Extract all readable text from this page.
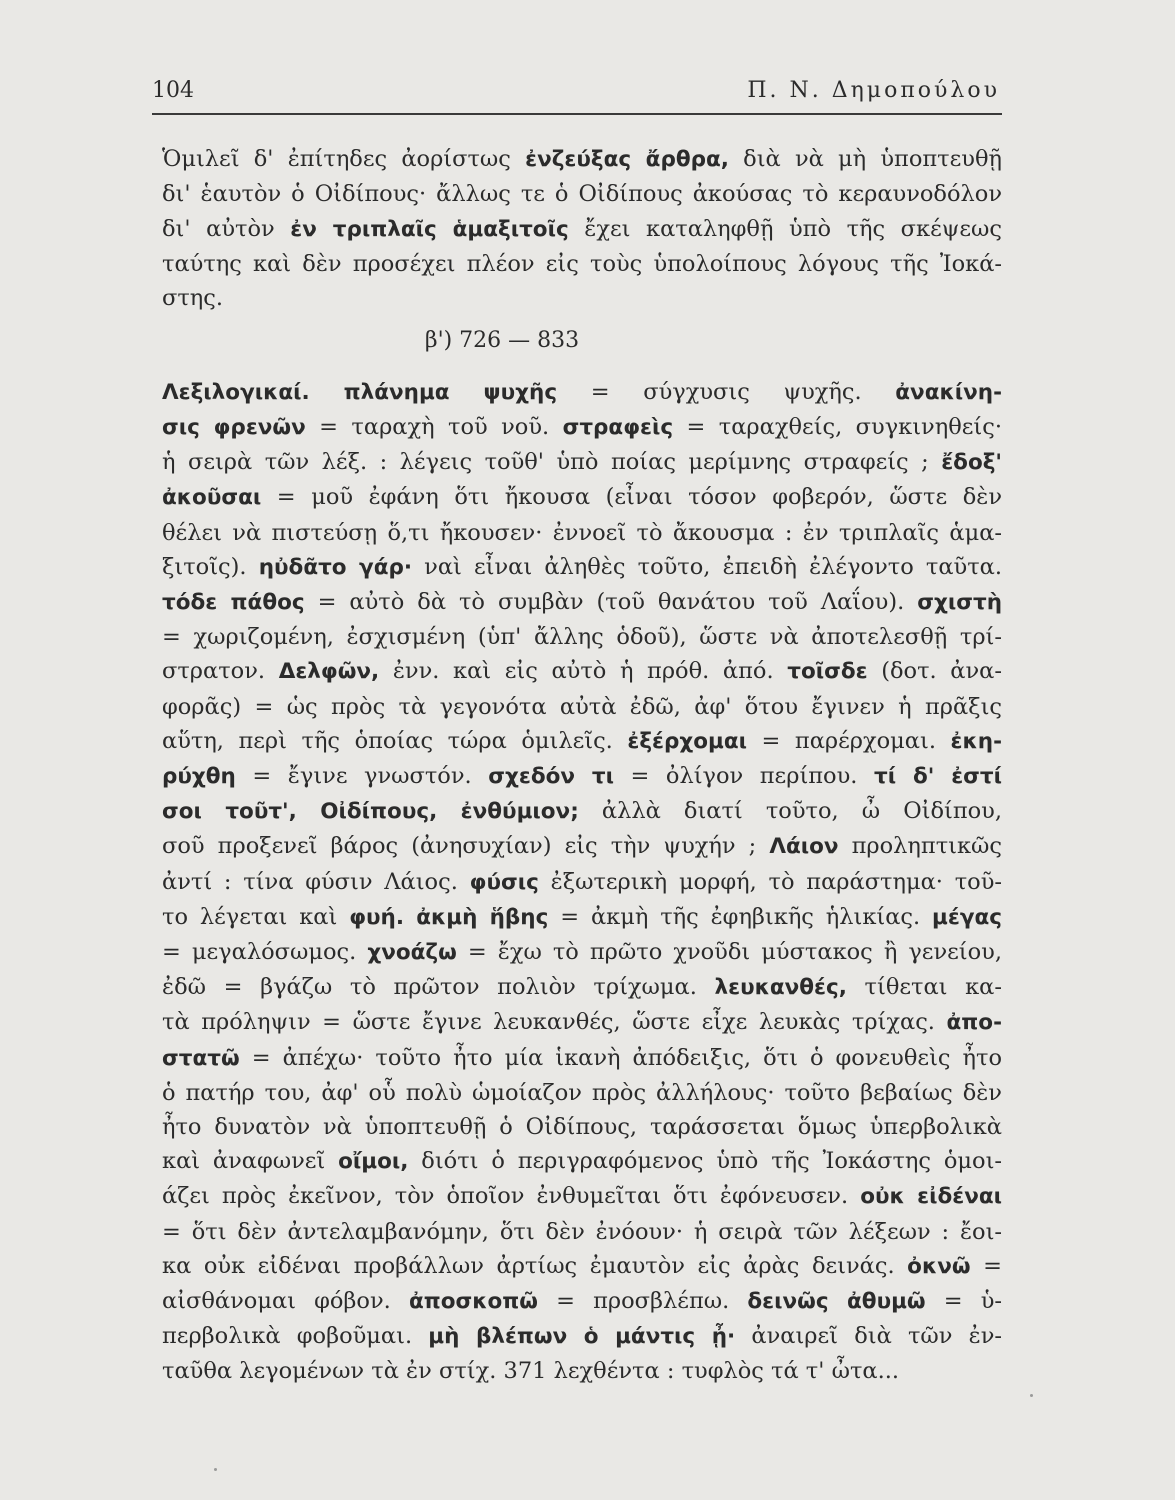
104	Π. Ν. Δημοπούλου

Ὁμιλεῖ δ' ἐπίτηδες ἀορίστως ἐνζεύξας ἄρθρα, διὰ νὰ μὴ ὑποπτευθῇ
δι' ἑαυτὸν ὁ Οἰδίπους· ἄλλως τε ὁ Οἰδίπους ἀκούσας τὸ κεραυνοδόλον
δι' αὐτὸν ἐν τριπλαῖς ἁμαξιτοῖς ἔχει καταληφθῇ ὑπὸ τῆς σκέψεως
ταύτης καὶ δὲν προσέχει πλέον εἰς τοὺς ὑπολοίπους λόγους τῆς Ἰοκά-
στης.

β') 726 — 833

Λεξιλογικαί. πλάνημα ψυχῆς = σύγχυσις ψυχῆς. ἀνακίνη-
σις φρενῶν = ταραχὴ τοῦ νοῦ. στραφεὶς = ταραχθείς, συγκινηθείς·
ἡ σειρὰ τῶν λέξ. : λέγεις τοῦθ' ὑπὸ ποίας μερίμνης στραφείς ; ἔδοξ'
ἀκοῦσαι = μοῦ ἐφάνη ὅτι ἤκουσα (εἶναι τόσον φοβερόν, ὥστε δὲν
θέλει νὰ πιστεύσῃ ὅ,τι ἤκουσεν· ἐννοεῖ τὸ ἄκουσμα : ἐν τριπλαῖς ἁμα-
ξιτοῖς). ηὐδᾶτο γάρ· ναὶ εἶναι ἀληθὲς τοῦτο, ἐπειδὴ ἐλέγοντο ταῦτα.
τόδε πάθος = αὐτὸ δὰ τὸ συμβὰν (τοῦ θανάτου τοῦ Λαΐου). σχιστὴ
= χωριζομένη, ἐσχισμένη (ὑπ' ἄλλης ὁδοῦ), ὥστε νὰ ἀποτελεσθῇ τρί-
στρατον. Δελφῶν, ἐνν. καὶ εἰς αὐτὸ ἡ πρόθ. ἀπό. τοῖσδε (δοτ. ἀνα-
φορᾶς) = ὡς πρὸς τὰ γεγονότα αὐτὰ ἐδῶ, ἀφ' ὅτου ἔγινεν ἡ πρᾶξις
αὕτη, περὶ τῆς ὁποίας τώρα ὁμιλεῖς. ἐξέρχομαι = παρέρχομαι. ἐκη-
ρύχθη = ἔγινε γνωστόν. σχεδόν τι = ὀλίγον περίπου. τί δ' ἐστί
σοι τοῦτ', Οἰδίπους, ἐνθύμιον; ἀλλὰ διατί τοῦτο, ὦ Οἰδίπου,
σοῦ προξενεῖ βάρος (ἀνησυχίαν) εἰς τὴν ψυχήν ; Λάιον προληπτικῶς
ἀντί : τίνα φύσιν Λάιος. φύσις ἐξωτερικὴ μορφή, τὸ παράστημα· τοῦ-
το λέγεται καὶ φυή. ἀκμὴ ἥβης = ἀκμὴ τῆς ἐφηβικῆς ἡλικίας. μέγας
= μεγαλόσωμος. χνοάζω = ἔχω τὸ πρῶτο χνοῦδι μύστακος ἢ γενείου,
ἐδῶ = βγάζω τὸ πρῶτον πολιὸν τρίχωμα. λευκανθές, τίθεται κα-
τὰ πρόληψιν = ὥστε ἔγινε λευκανθές, ὥστε εἶχε λευκὰς τρίχας. ἀπο-
στατῶ = ἀπέχω· τοῦτο ἦτο μία ἱκανὴ ἀπόδειξις, ὅτι ὁ φονευθεὶς ἦτο
ὁ πατήρ του, ἀφ' οὗ πολὺ ὡμοίαζον πρὸς ἀλλήλους· τοῦτο βεβαίως δὲν
ἦτο δυνατὸν νὰ ὑποπτευθῇ ὁ Οἰδίπους, ταράσσεται ὅμως ὑπερβολικὰ
καὶ ἀναφωνεῖ οἴμοι, διότι ὁ περιγραφόμενος ὑπὸ τῆς Ἰοκάστης ὁμοι-
άζει πρὸς ἐκεῖνον, τὸν ὁποῖον ἐνθυμεῖται ὅτι ἐφόνευσεν. οὐκ εἰδέναι
= ὅτι δὲν ἀντελαμβανόμην, ὅτι δὲν ἐνόουν· ἡ σειρὰ τῶν λέξεων : ἔοι-
κα οὐκ εἰδέναι προβάλλων ἀρτίως ἐμαυτὸν εἰς ἀρὰς δεινάς. ὀκνῶ =
αἰσθάνομαι φόβον. ἀποσκοπῶ = προσβλέπω. δεινῶς ἀθυμῶ = ὑ-
περβολικὰ φοβοῦμαι. μὴ βλέπων ὁ μάντις ᾖ· ἀναιρεῖ διὰ τῶν ἐν-
ταῦθα λεγομένων τὰ ἐν στίχ. 371 λεχθέντα : τυφλὸς τά τ' ὦτα...
